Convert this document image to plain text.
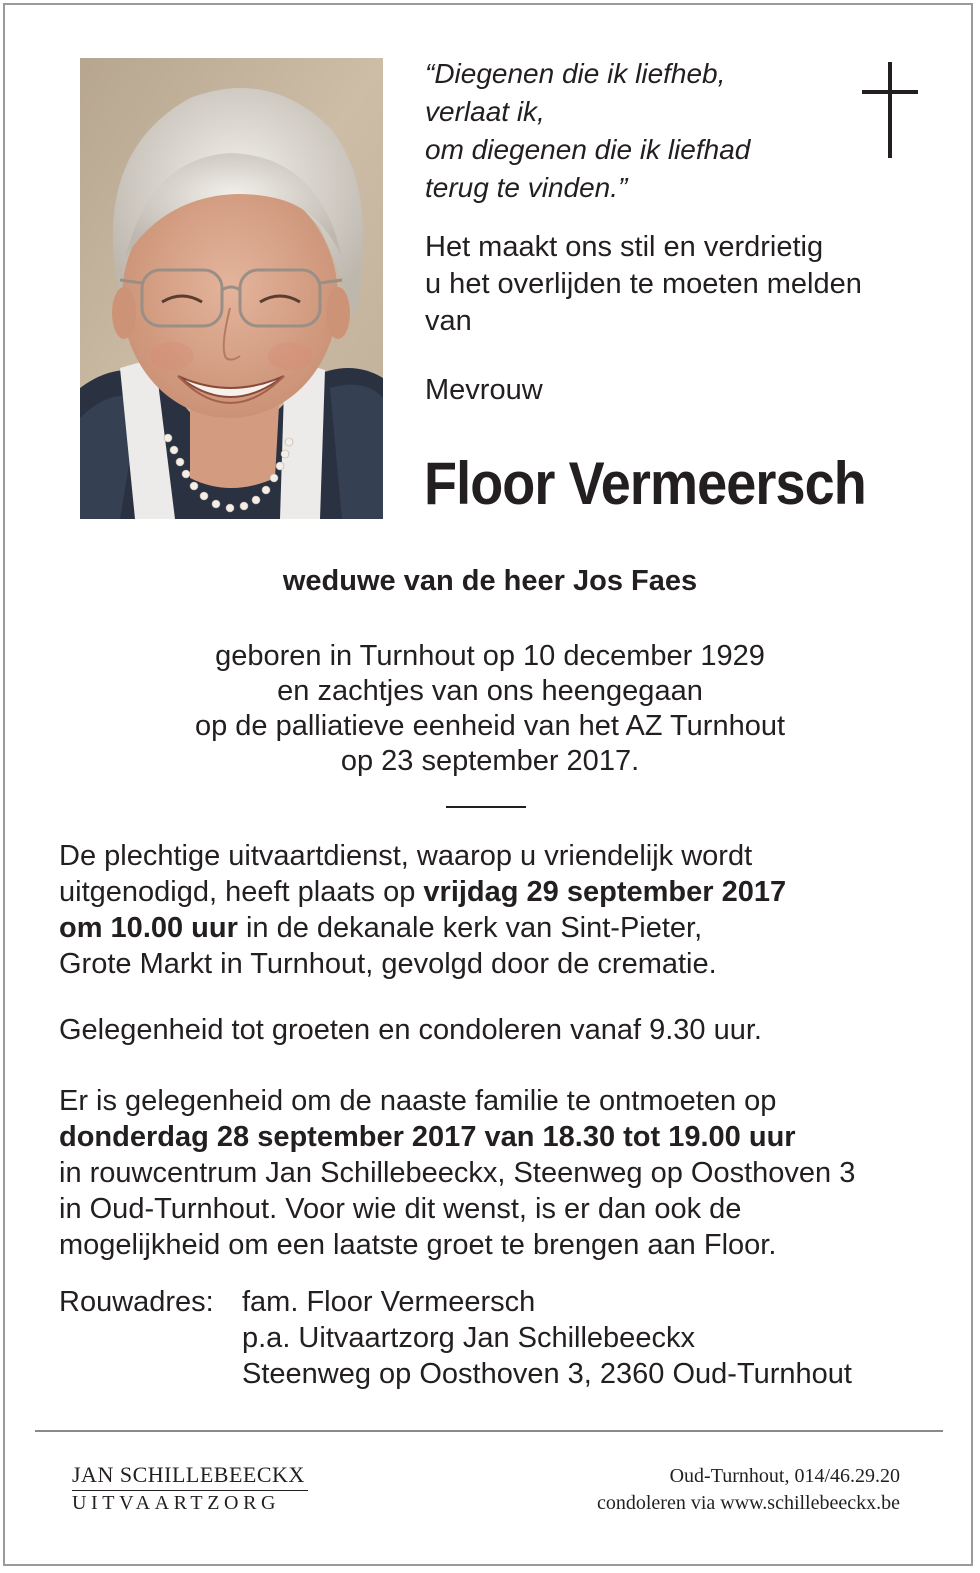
“Diegenen die ik liefheb,
verlaat ik,
om diegenen die ik liefhad
terug te vinden.”
Het maakt ons stil en verdrietig
u het overlijden te moeten melden
van
Mevrouw
Floor Vermeersch
weduwe van de heer Jos Faes
geboren in Turnhout op 10 december 1929
en zachtjes van ons heengegaan
op de palliatieve eenheid van het AZ Turnhout
op 23 september 2017.
De plechtige uitvaartdienst, waarop u vriendelijk wordt
uitgenodigd, heeft plaats op vrijdag 29 september 2017
om 10.00 uur in de dekanale kerk van Sint-Pieter,
Grote Markt in Turnhout, gevolgd door de crematie.
Gelegenheid tot groeten en condoleren vanaf 9.30 uur.
Er is gelegenheid om de naaste familie te ontmoeten op
donderdag 28 september 2017 van 18.30 tot 19.00 uur
in rouwcentrum Jan Schillebeeckx, Steenweg op Oosthoven 3
in Oud-Turnhout. Voor wie dit wenst, is er dan ook de
mogelijkheid om een laatste groet te brengen aan Floor.
Rouwadres: fam. Floor Vermeersch
p.a. Uitvaartzorg Jan Schillebeeckx
Steenweg op Oosthoven 3, 2360 Oud-Turnhout
JAN SCHILLEBEECKX
UITVAARTZORG
Oud-Turnhout, 014/46.29.20
condoleren via www.schillebeeckx.be
